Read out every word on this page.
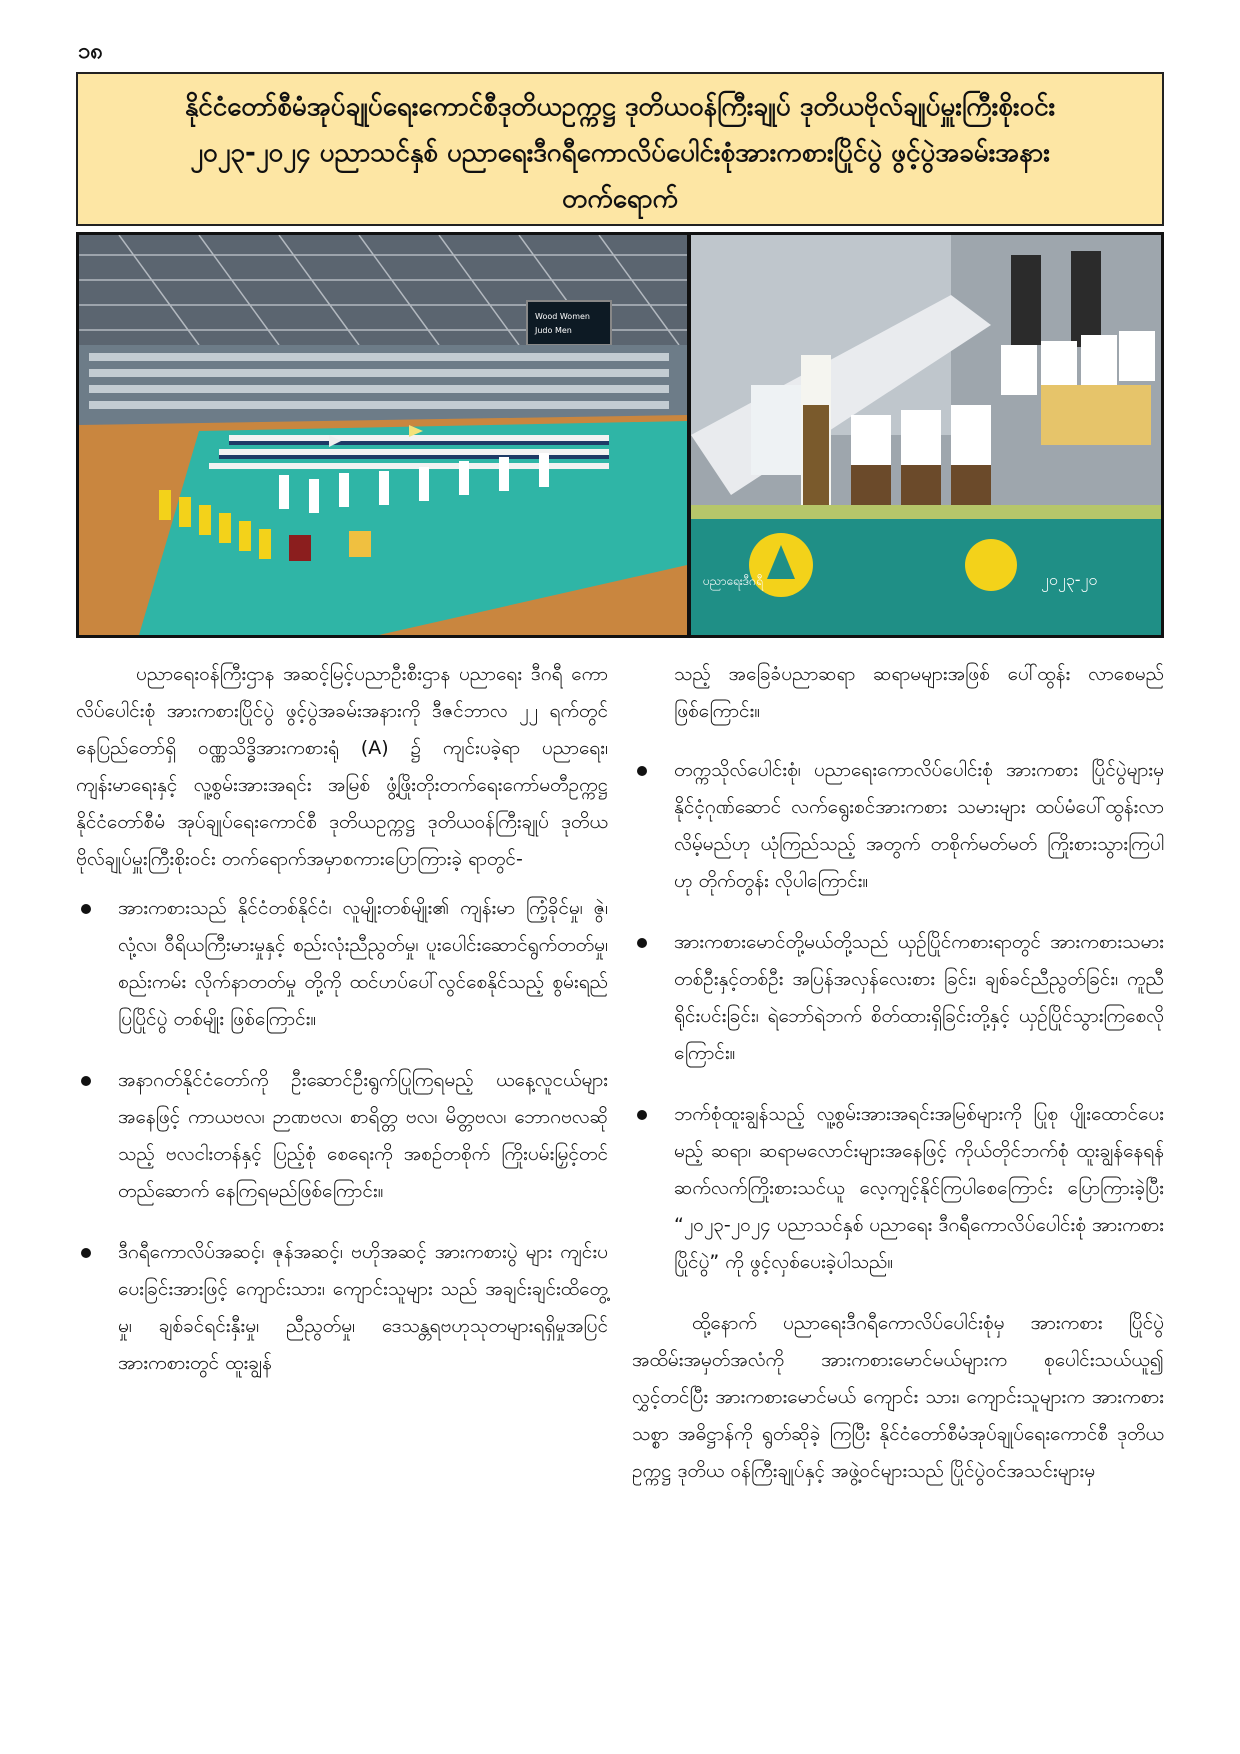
၁၈
နိုင်ငံတော်စီမံအုပ်ချုပ်ရေးကောင်စီဒုတိယဥက္ကဋ္ဌ ဒုတိယဝန်ကြီးချုပ် ဒုတိယဗိုလ်ချုပ်မှူးကြီးစိုးဝင်း
၂၀၂၃-၂၀၂၄ ပညာသင်နှစ် ပညာရေးဒီဂရီကောလိပ်ပေါင်းစုံအားကစားပြိုင်ပွဲ ဖွင့်ပွဲအခမ်းအနား
တက်ရောက်
Wood Women
Judo Men
ပညာရေးဒီဂရီ	၂၀၂၃-၂၀

ပညာရေးဝန်ကြီးဌာန အဆင့်မြင့်ပညာဦးစီးဌာန ပညာရေး ဒီဂရီ ကောလိပ်ပေါင်းစုံ အားကစားပြိုင်ပွဲ ဖွင့်ပွဲအခမ်းအနားကို ဒီဇင်ဘာလ ၂၂ ရက်တွင် နေပြည်တော်ရှိ ဝဏ္ဏသိဒ္ဓိအားကစားရုံ (A) ၌ ကျင်းပခဲ့ရာ ပညာရေး၊ ကျန်းမာရေးနှင့် လူ့စွမ်းအားအရင်း အမြစ် ဖွံ့ဖြိုးတိုးတက်ရေးကော်မတီဥက္ကဋ္ဌ နိုင်ငံတော်စီမံ အုပ်ချုပ်ရေးကောင်စီ ဒုတိယဥက္ကဋ္ဌ ဒုတိယဝန်ကြီးချုပ် ဒုတိယ ဗိုလ်ချုပ်မှူးကြီးစိုးဝင်း တက်ရောက်အမှာစကားပြောကြားခဲ့ ရာတွင်-

အားကစားသည် နိုင်ငံတစ်နိုင်ငံ၊ လူမျိုးတစ်မျိုး၏ ကျန်းမာ ကြံ့ခိုင်မှု၊ ဇွဲ၊ လုံ့လ၊ ဝီရိယကြီးမားမှုနှင့် စည်းလုံးညီညွတ်မှု၊ ပူးပေါင်းဆောင်ရွက်တတ်မှု၊ စည်းကမ်း လိုက်နာတတ်မှု တို့ကို ထင်ဟပ်ပေါ်လွင်စေနိုင်သည့် စွမ်းရည်ပြပြိုင်ပွဲ တစ်မျိုး ဖြစ်ကြောင်း။
အနာဂတ်နိုင်ငံတော်ကို ဦးဆောင်ဦးရွက်ပြုကြရမည့် ယနေ့လူငယ်များအနေဖြင့် ကာယဗလ၊ ဉာဏဗလ၊ စာရိတ္တ ဗလ၊ မိတ္တဗလ၊ ဘောဂဗလဆိုသည့် ဗလငါးတန်နှင့် ပြည့်စုံ စေရေးကို အစဉ်တစိုက် ကြိုးပမ်းမြှင့်တင်တည်ဆောက် နေကြရမည်ဖြစ်ကြောင်း။
ဒီဂရီကောလိပ်အဆင့်၊ ဇုန်အဆင့်၊ ဗဟိုအဆင့် အားကစားပွဲ များ ကျင်းပပေးခြင်းအားဖြင့် ကျောင်းသား၊ ကျောင်းသူများ သည် အချင်းချင်းထိတွေ့မှု၊ ချစ်ခင်ရင်းနှီးမှု၊ ညီညွတ်မှု၊ ဒေသန္တရဗဟုသုတများရရှိမှုအပြင် အားကစားတွင် ထူးချွန်

သည့် အခြေခံပညာဆရာ ဆရာမများအဖြစ် ပေါ်ထွန်း လာစေမည်ဖြစ်ကြောင်း။

တက္ကသိုလ်ပေါင်းစုံ၊ ပညာရေးကောလိပ်ပေါင်းစုံ အားကစား ပြိုင်ပွဲများမှ နိုင်ငံ့ဂုဏ်ဆောင် လက်ရွေးစင်အားကစား သမားများ ထပ်မံပေါ်ထွန်းလာလိမ့်မည်ဟု ယုံကြည်သည့် အတွက် တစိုက်မတ်မတ် ကြိုးစားသွားကြပါဟု တိုက်တွန်း လိုပါကြောင်း။
အားကစားမောင်တို့မယ်တို့သည် ယှဉ်ပြိုင်ကစားရာတွင် အားကစားသမား တစ်ဦးနှင့်တစ်ဦး အပြန်အလှန်လေးစား ခြင်း၊ ချစ်ခင်ညီညွတ်ခြင်း၊ ကူညီရိုင်းပင်းခြင်း၊ ရဲဘော်ရဲဘက် စိတ်ထားရှိခြင်းတို့နှင့် ယှဉ်ပြိုင်သွားကြစေလိုကြောင်း။
ဘက်စုံထူးချွန်သည့် လူ့စွမ်းအားအရင်းအမြစ်များကို ပြုစု ပျိုးထောင်ပေးမည့် ဆရာ၊ ဆရာမလောင်းများအနေဖြင့် ကိုယ်တိုင်ဘက်စုံ ထူးချွန်နေရန် ဆက်လက်ကြိုးစားသင်ယူ လေ့ကျင့်နိုင်ကြပါစေကြောင်း ပြောကြားခဲ့ပြီး “၂၀၂၃-၂၀၂၄ ပညာသင်နှစ် ပညာရေး ဒီဂရီကောလိပ်ပေါင်းစုံ အားကစား ပြိုင်ပွဲ” ကို ဖွင့်လှစ်ပေးခဲ့ပါသည်။

ထို့နောက် ပညာရေးဒီဂရီကောလိပ်ပေါင်းစုံမှ အားကစား ပြိုင်ပွဲ အထိမ်းအမှတ်အလံကို အားကစားမောင်မယ်များက စုပေါင်းသယ်ယူ၍ လွှင့်တင်ပြီး အားကစားမောင်မယ် ကျောင်း သား၊ ကျောင်းသူများက အားကစားသစ္စာ အဓိဋ္ဌာန်ကို ရွတ်ဆိုခဲ့ ကြပြီး နိုင်ငံတော်စီမံအုပ်ချုပ်ရေးကောင်စီ ဒုတိယဥက္ကဋ္ဌ ဒုတိယ ဝန်ကြီးချုပ်နှင့် အဖွဲ့ဝင်များသည် ပြိုင်ပွဲဝင်အသင်းများမှ
